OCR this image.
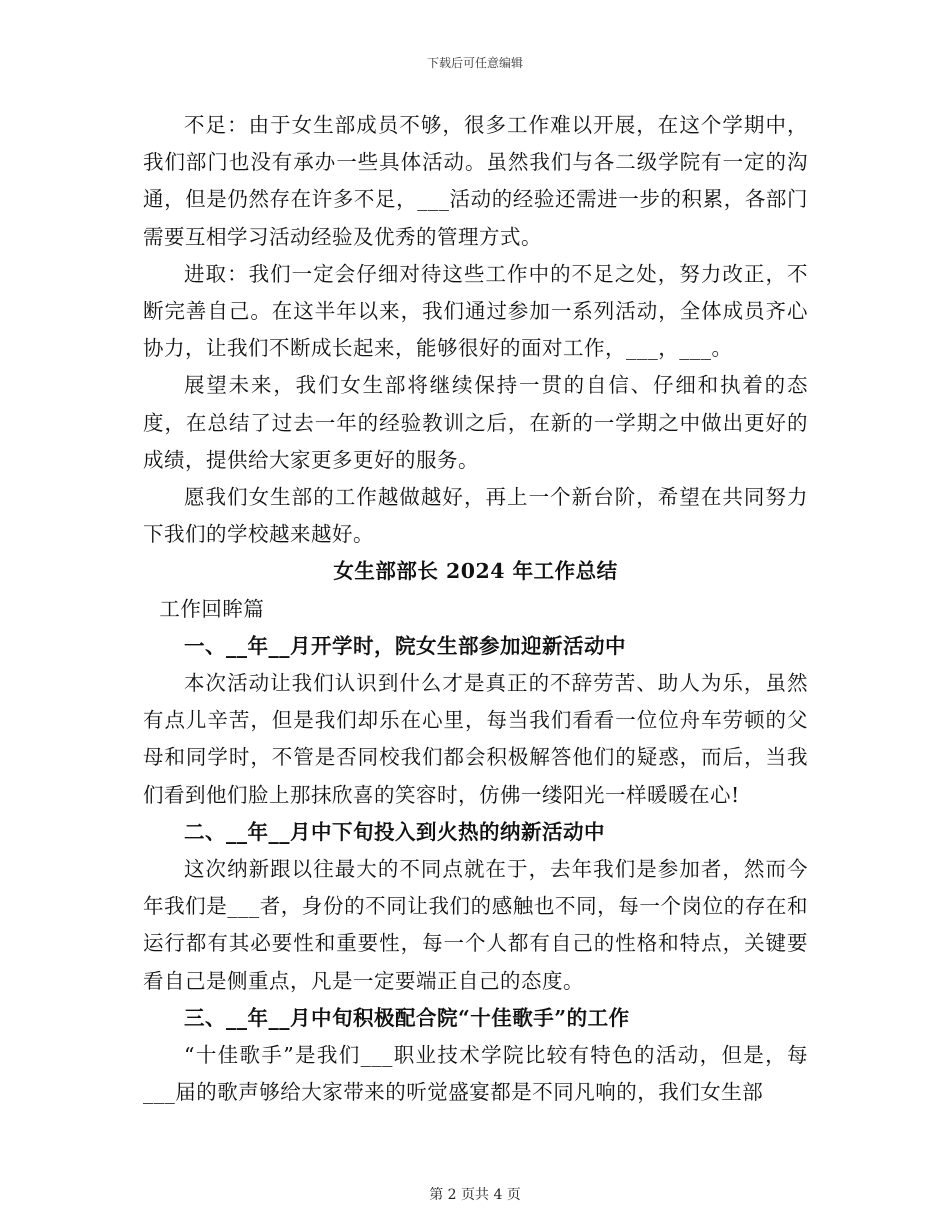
下载后可任意编辑

不足：由于女生部成员不够，很多工作难以开展，在这个学期中，我们部门也没有承办一些具体活动。虽然我们与各二级学院有一定的沟通，但是仍然存在许多不足，___活动的经验还需进一步的积累，各部门需要互相学习活动经验及优秀的管理方式。

进取：我们一定会仔细对待这些工作中的不足之处，努力改正，不断完善自己。在这半年以来，我们通过参加一系列活动，全体成员齐心协力，让我们不断成长起来，能够很好的面对工作，___，___。

展望未来，我们女生部将继续保持一贯的自信、仔细和执着的态度，在总结了过去一年的经验教训之后，在新的一学期之中做出更好的成绩，提供给大家更多更好的服务。

愿我们女生部的工作越做越好，再上一个新台阶，希望在共同努力下我们的学校越来越好。

女生部部长 2024 年工作总结

工作回眸篇

一、__年__月开学时，院女生部参加迎新活动中

本次活动让我们认识到什么才是真正的不辞劳苦、助人为乐，虽然有点儿辛苦，但是我们却乐在心里，每当我们看看一位位舟车劳顿的父母和同学时，不管是否同校我们都会积极解答他们的疑惑，而后，当我们看到他们脸上那抹欣喜的笑容时，仿佛一缕阳光一样暖暖在心!

二、__年__月中下旬投入到火热的纳新活动中

这次纳新跟以往最大的不同点就在于，去年我们是参加者，然而今年我们是___者，身份的不同让我们的感触也不同，每一个岗位的存在和运行都有其必要性和重要性，每一个人都有自己的性格和特点，关键要看自己是侧重点，凡是一定要端正自己的态度。

三、__年__月中旬积极配合院“十佳歌手”的工作

“十佳歌手”是我们___职业技术学院比较有特色的活动，但是，每___届的歌声够给大家带来的听觉盛宴都是不同凡响的，我们女生部

第 2 页共 4 页
